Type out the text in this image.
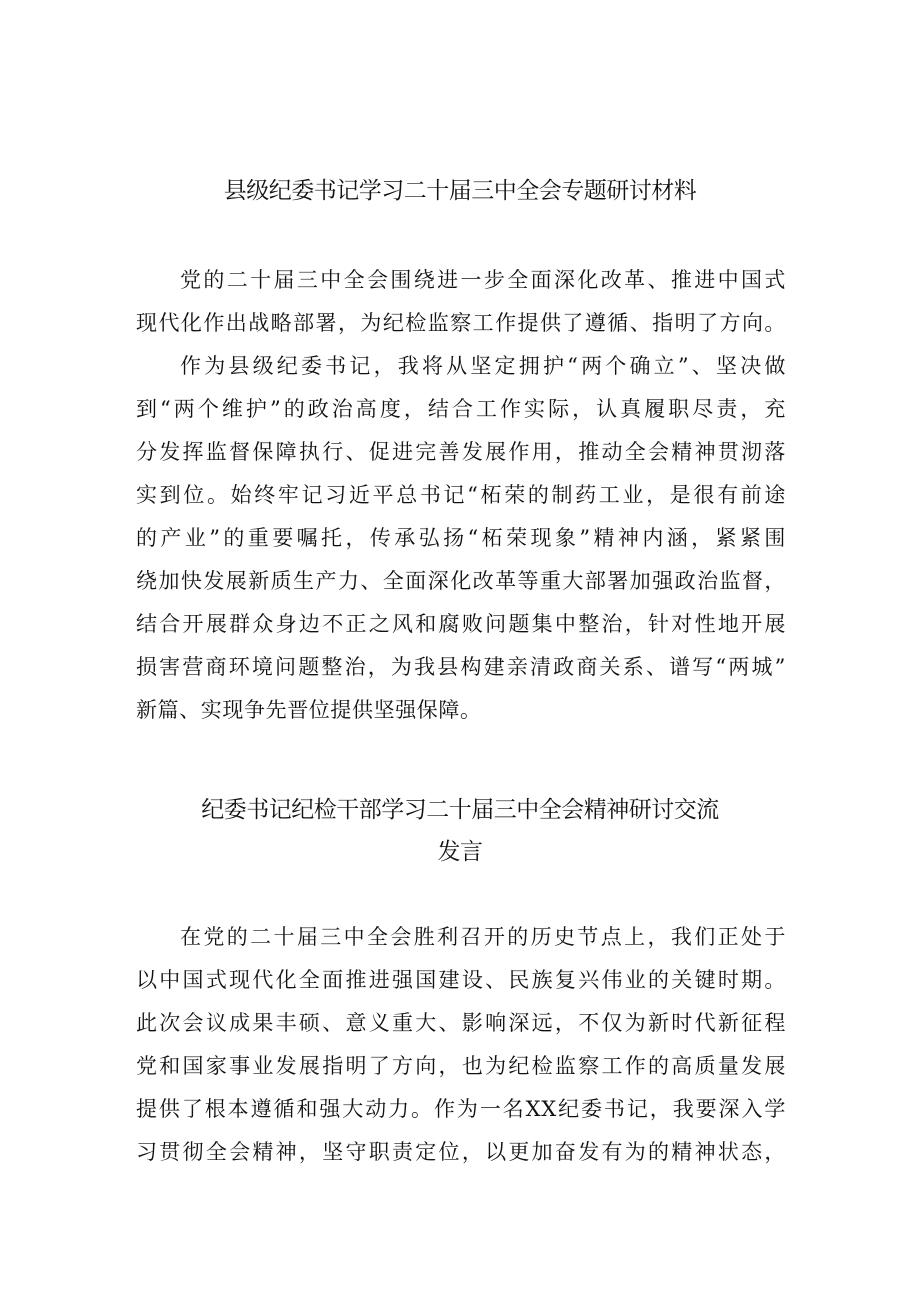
县级纪委书记学习二十届三中全会专题研讨材料
党的二十届三中全会围绕进一步全面深化改革、推进中国式
现代化作出战略部署，为纪检监察工作提供了遵循、指明了方向。
作为县级纪委书记，我将从坚定拥护“两个确立”、坚决做
到“两个维护”的政治高度，结合工作实际，认真履职尽责，充
分发挥监督保障执行、促进完善发展作用，推动全会精神贯沏落
实到位。始终牢记习近平总书记“柘荣的制药工业，是很有前途
的产业”的重要嘱托，传承弘扬“柘荣现象”精神内涵，紧紧围
绕加快发展新质生产力、全面深化改革等重大部署加强政治监督，
结合开展群众身边不正之风和腐败问题集中整治，针对性地开展
损害营商环境问题整治，为我县构建亲清政商关系、谱写“两城”
新篇、实现争先晋位提供坚强保障。
纪委书记纪检干部学习二十届三中全会精神研讨交流
发言
在党的二十届三中全会胜利召开的历史节点上，我们正处于
以中国式现代化全面推进强国建设、民族复兴伟业的关键时期。
此次会议成果丰硕、意义重大、影响深远，不仅为新时代新征程
党和国家事业发展指明了方向，也为纪检监察工作的高质量发展
提供了根本遵循和强大动力。作为一名XX纪委书记，我要深入学
习贯彻全会精神，坚守职责定位，以更加奋发有为的精神状态，
